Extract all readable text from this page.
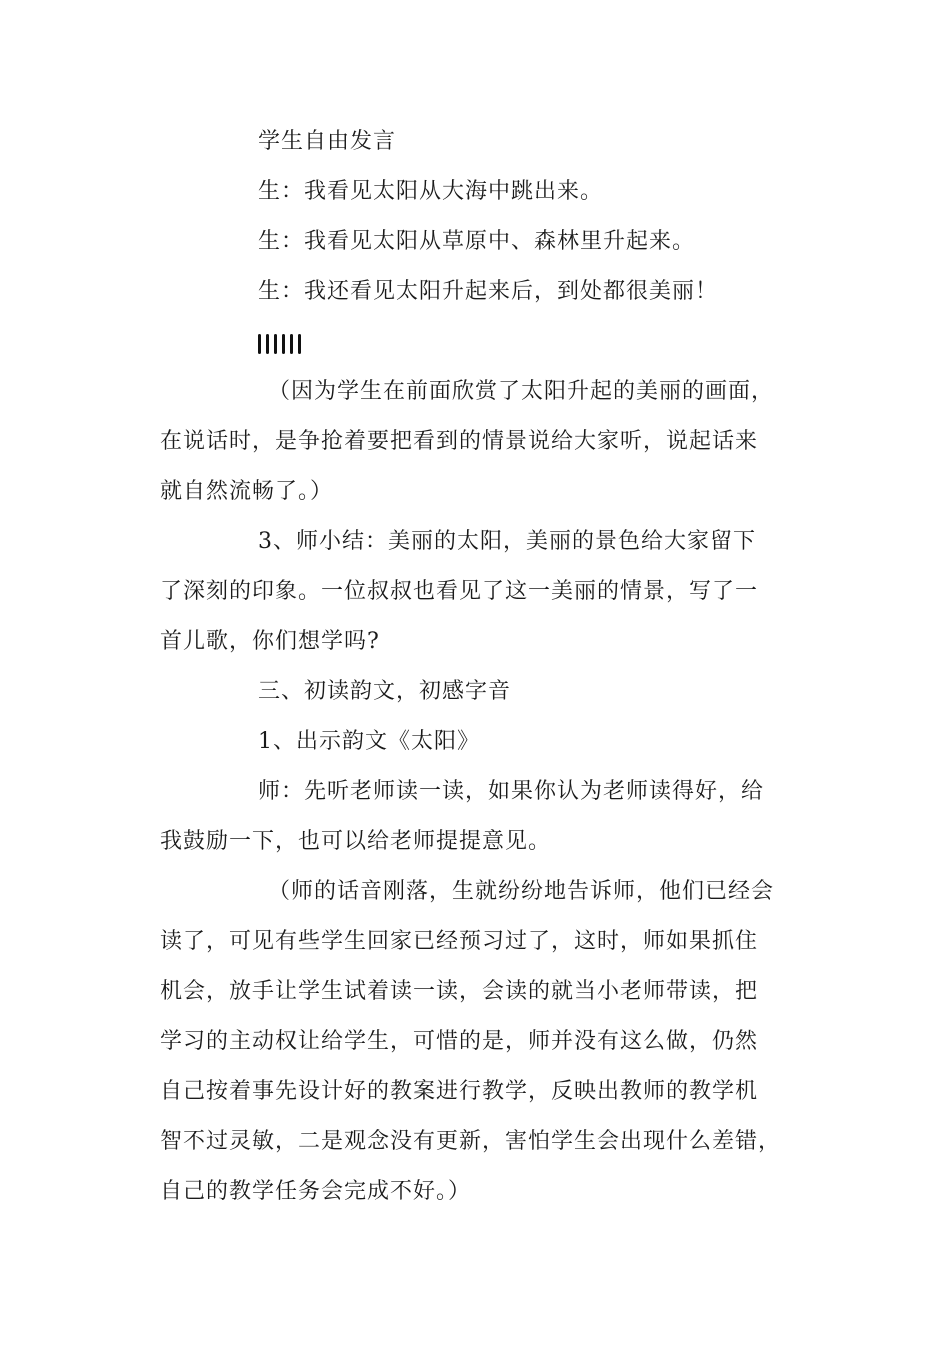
学生自由发言
生：我看见太阳从大海中跳出来。
生：我看见太阳从草原中、森林里升起来。
生：我还看见太阳升起来后，到处都很美丽！
（因为学生在前面欣赏了太阳升起的美丽的画面，
在说话时，是争抢着要把看到的情景说给大家听，说起话来
就自然流畅了。）
3、师小结：美丽的太阳，美丽的景色给大家留下
了深刻的印象。一位叔叔也看见了这一美丽的情景，写了一
首儿歌，你们想学吗?
三、初读韵文，初感字音
1、出示韵文《太阳》
师：先听老师读一读，如果你认为老师读得好，给
我鼓励一下，也可以给老师提提意见。
（师的话音刚落，生就纷纷地告诉师，他们已经会
读了，可见有些学生回家已经预习过了，这时，师如果抓住
机会，放手让学生试着读一读，会读的就当小老师带读，把
学习的主动权让给学生，可惜的是，师并没有这么做，仍然
自己按着事先设计好的教案进行教学，反映出教师的教学机
智不过灵敏，二是观念没有更新，害怕学生会出现什么差错，
自己的教学任务会完成不好。）
